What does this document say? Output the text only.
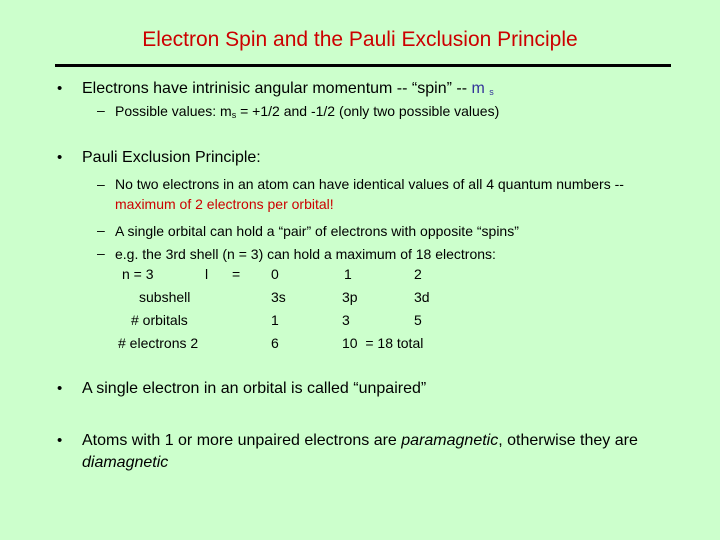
Electron Spin and the Pauli Exclusion Principle
• Electrons have intrinisic angular momentum -- “spin” -- m $_s$
– Possible values: $m_s = +1/2$ and -1/2 (only two possible values)
• Pauli Exclusion Principle:
– No two electrons in an atom can have identical values of all 4 quantum numbers -- maximum of 2 electrons per orbital!
– A single orbital can hold a “pair” of electrons with opposite “spins”
– e.g. the 3rd shell (n = 3) can hold a maximum of 18 electrons:
n = 3	l = 0	1	2
subshell	3s	3p	3d
# orbitals	1	3	5
# electrons 2	6	10  = 18 total
• A single electron in an orbital is called “unpaired”
• Atoms with 1 or more unpaired electrons are paramagnetic, otherwise they are diamagnetic
